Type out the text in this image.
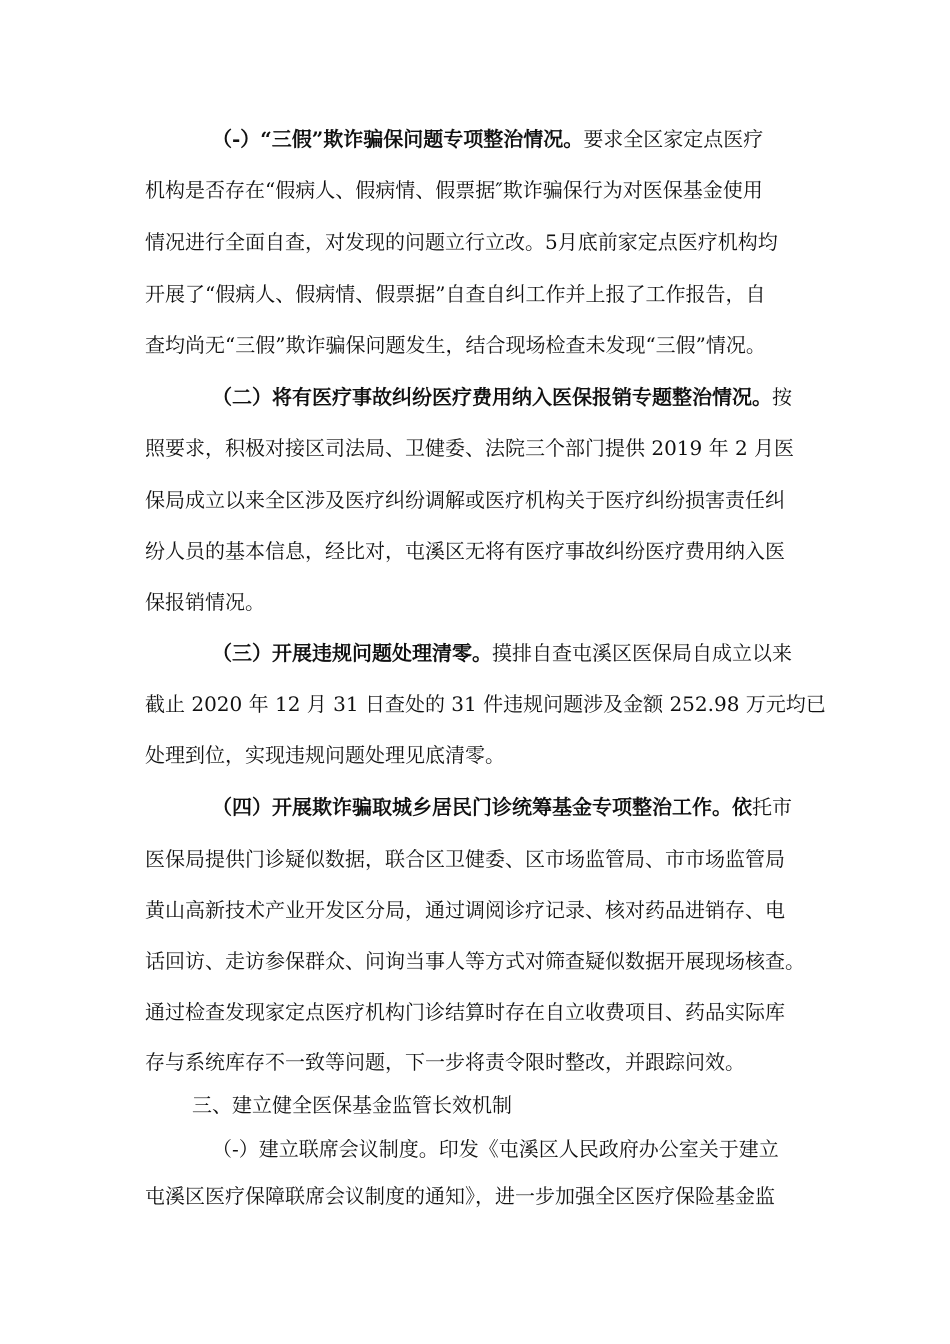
（-）“三假”欺诈骗保问题专项整治情况。要求全区家定点医疗
机构是否存在“假病人、假病情、假票据″欺诈骗保行为对医保基金使用
情况进行全面自查，对发现的问题立行立改。5月底前家定点医疗机构均
开展了“假病人、假病情、假票据”自查自纠工作并上报了工作报告，自
查均尚无“三假”欺诈骗保问题发生，结合现场检查未发现“三假”情况。
（二）将有医疗事故纠纷医疗费用纳入医保报销专题整治情况。按
照要求，积极对接区司法局、卫健委、法院三个部门提供 2019 年 2 月医
保局成立以来全区涉及医疗纠纷调解或医疗机构关于医疗纠纷损害责任纠
纷人员的基本信息，经比对，屯溪区无将有医疗事故纠纷医疗费用纳入医
保报销情况。
（三）开展违规问题处理清零。摸排自查屯溪区医保局自成立以来
截止 2020 年 12 月 31 日查处的 31 件违规问题涉及金额 252.98 万元均已
处理到位，实现违规问题处理见底清零。
（四）开展欺诈骗取城乡居民门诊统筹基金专项整治工作。依托市
医保局提供门诊疑似数据，联合区卫健委、区市场监管局、市市场监管局
黄山高新技术产业开发区分局，通过调阅诊疗记录、核对药品进销存、电
话回访、走访参保群众、问询当事人等方式对筛查疑似数据开展现场核查。
通过检查发现家定点医疗机构门诊结算时存在自立收费项目、药品实际库
存与系统库存不一致等问题，下一步将责令限时整改，并跟踪问效。
三、建立健全医保基金监管长效机制
（-）建立联席会议制度。印发《屯溪区人民政府办公室关于建立
屯溪区医疗保障联席会议制度的通知》，进一步加强全区医疗保险基金监
